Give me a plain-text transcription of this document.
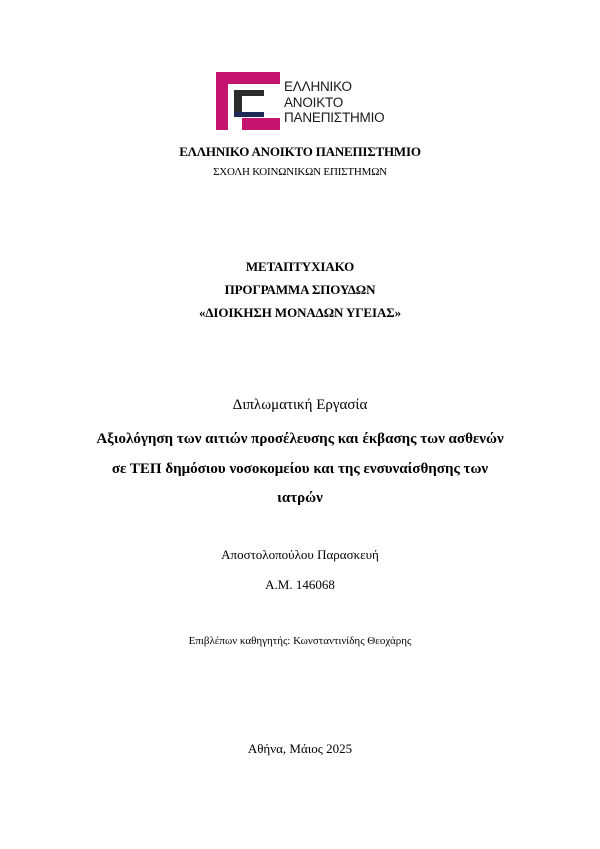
ΕΛΛΗΝΙΚΟ
ΑΝΟΙΚΤΟ
ΠΑΝΕΠΙΣΤΗΜΙΟ
ΕΛΛΗΝΙΚΟ ΑΝΟΙΚΤΟ ΠΑΝΕΠΙΣΤΗΜΙΟ
ΣΧΟΛΗ ΚΟΙΝΩΝΙΚΩΝ ΕΠΙΣΤΗΜΩΝ
ΜΕΤΑΠΤΥΧΙΑΚΟ
ΠΡΟΓΡΑΜΜΑ ΣΠΟΥΔΩΝ
«ΔΙΟΙΚΗΣΗ ΜΟΝΑΔΩΝ ΥΓΕΙΑΣ»
Διπλωματική Εργασία
Αξιολόγηση των αιτιών προσέλευσης και έκβασης των ασθενών
σε ΤΕΠ δημόσιου νοσοκομείου και της ενσυναίσθησης των
ιατρών
Αποστολοπούλου Παρασκευή
Α.Μ. 146068
Επιβλέπων καθηγητής: Κωνσταντινίδης Θεοχάρης
Αθήνα, Μάιος 2025
